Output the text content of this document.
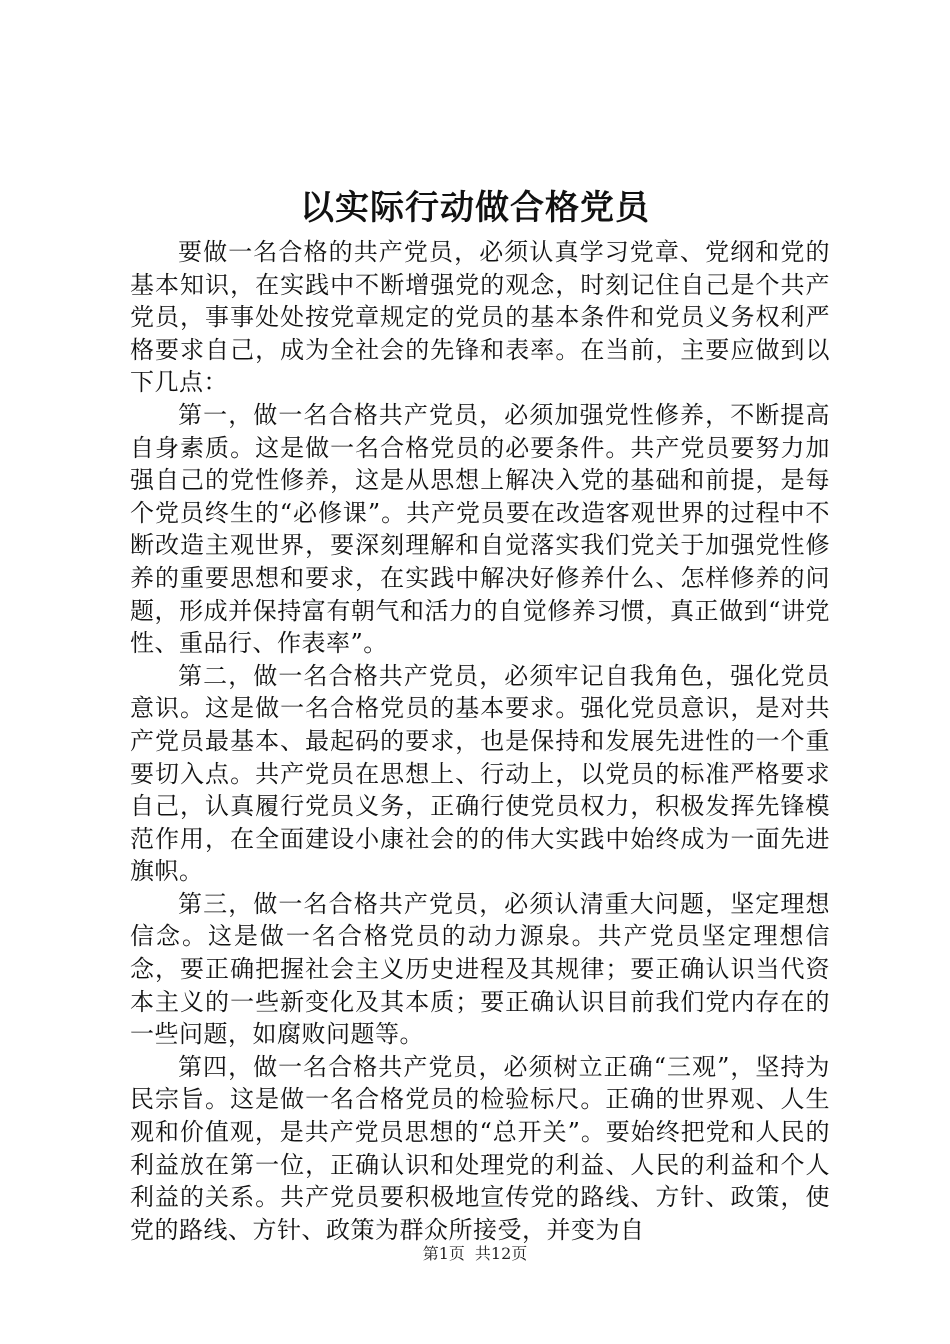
以实际行动做合格党员

要做一名合格的共产党员，必须认真学习党章、党纲和党的基本知识，在实践中不断增强党的观念，时刻记住自己是个共产党员，事事处处按党章规定的党员的基本条件和党员义务权利严格要求自己，成为全社会的先锋和表率。在当前，主要应做到以下几点：

第一，做一名合格共产党员，必须加强党性修养，不断提高自身素质。这是做一名合格党员的必要条件。共产党员要努力加强自己的党性修养，这是从思想上解决入党的基础和前提，是每个党员终生的“必修课”。共产党员要在改造客观世界的过程中不断改造主观世界，要深刻理解和自觉落实我们党关于加强党性修养的重要思想和要求，在实践中解决好修养什么、怎样修养的问题，形成并保持富有朝气和活力的自觉修养习惯，真正做到“讲党性、重品行、作表率”。

第二，做一名合格共产党员，必须牢记自我角色，强化党员意识。这是做一名合格党员的基本要求。强化党员意识，是对共产党员最基本、最起码的要求，也是保持和发展先进性的一个重要切入点。共产党员在思想上、行动上，以党员的标准严格要求自己，认真履行党员义务，正确行使党员权力，积极发挥先锋模范作用，在全面建设小康社会的的伟大实践中始终成为一面先进旗帜。

第三，做一名合格共产党员，必须认清重大问题，坚定理想信念。这是做一名合格党员的动力源泉。共产党员坚定理想信念，要正确把握社会主义历史进程及其规律；要正确认识当代资本主义的一些新变化及其本质；要正确认识目前我们党内存在的一些问题，如腐败问题等。

第四，做一名合格共产党员，必须树立正确“三观”，坚持为民宗旨。这是做一名合格党员的检验标尺。正确的世界观、人生观和价值观，是共产党员思想的“总开关”。要始终把党和人民的利益放在第一位，正确认识和处理党的利益、人民的利益和个人利益的关系。共产党员要积极地宣传党的路线、方针、政策，使党的路线、方针、政策为群众所接受，并变为自

第1页 共12页
